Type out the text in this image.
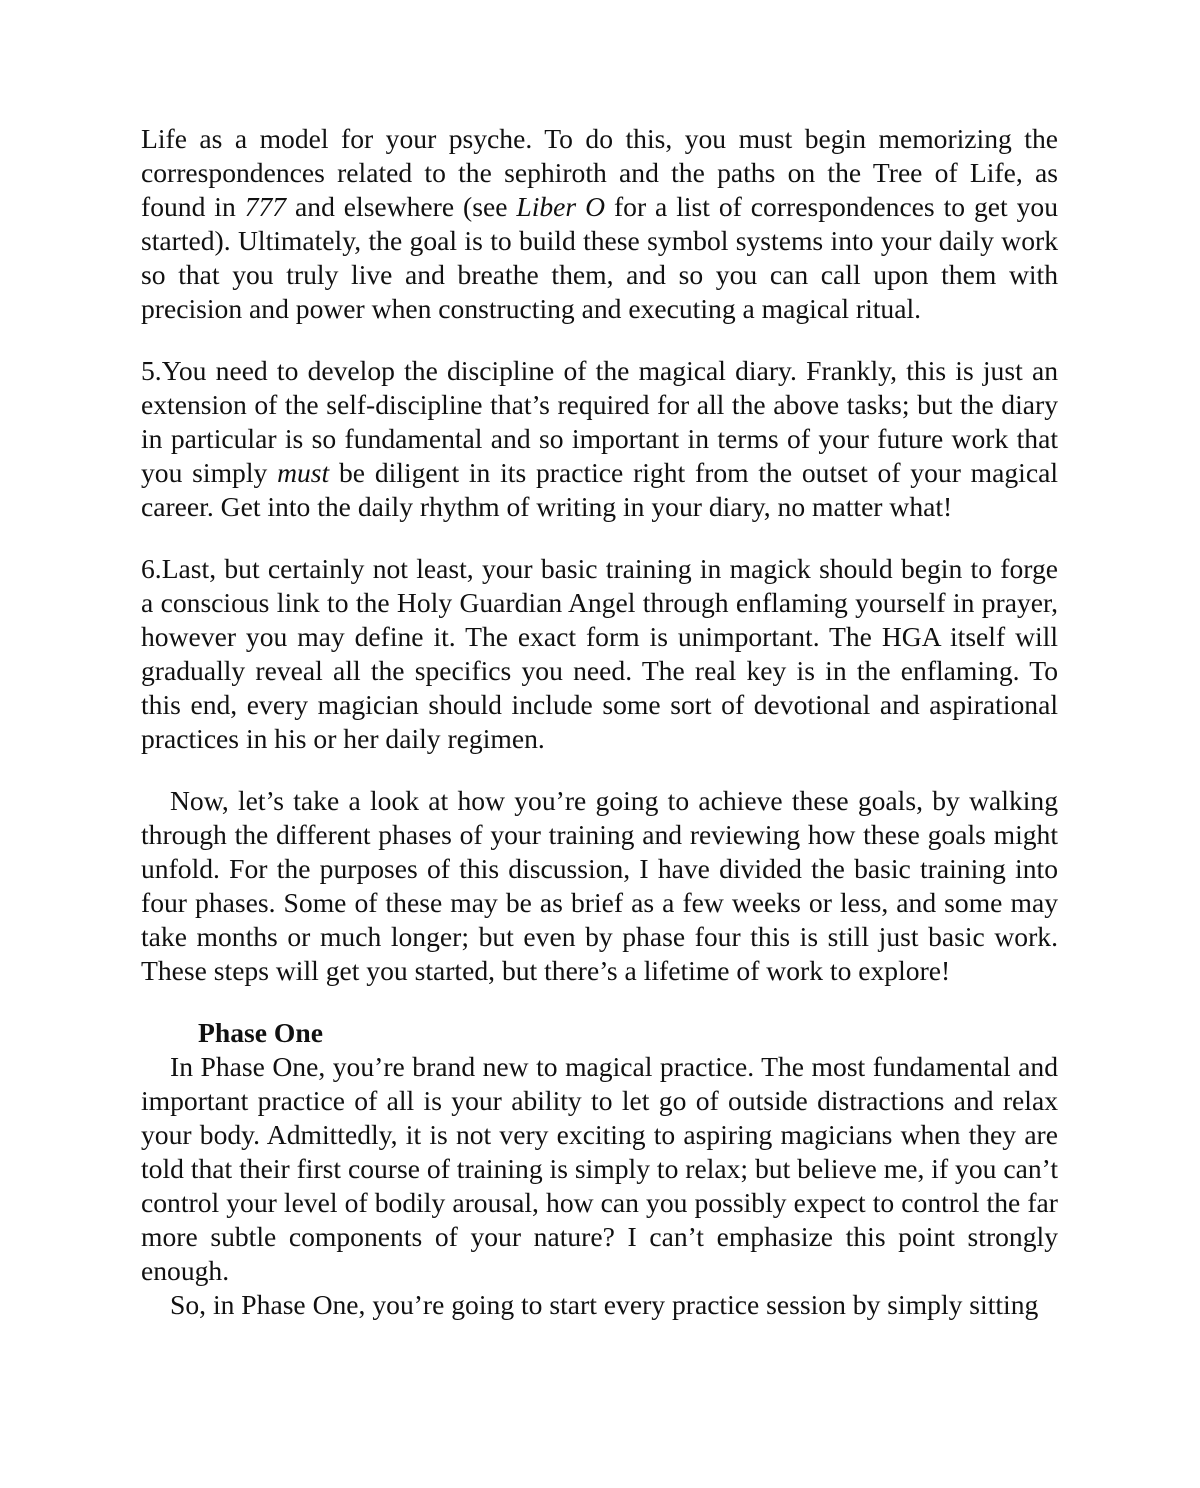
Life as a model for your psyche. To do this, you must begin memorizing the correspondences related to the sephiroth and the paths on the Tree of Life, as found in 777 and elsewhere (see Liber O for a list of correspondences to get you started). Ultimately, the goal is to build these symbol systems into your daily work so that you truly live and breathe them, and so you can call upon them with precision and power when constructing and executing a magical ritual.

5.You need to develop the discipline of the magical diary. Frankly, this is just an extension of the self-discipline that’s required for all the above tasks; but the diary in particular is so fundamental and so important in terms of your future work that you simply must be diligent in its practice right from the outset of your magical career. Get into the daily rhythm of writing in your diary, no matter what!

6.Last, but certainly not least, your basic training in magick should begin to forge a conscious link to the Holy Guardian Angel through enflaming yourself in prayer, however you may define it. The exact form is unimportant. The HGA itself will gradually reveal all the specifics you need. The real key is in the enflaming. To this end, every magician should include some sort of devotional and aspirational practices in his or her daily regimen.

Now, let’s take a look at how you’re going to achieve these goals, by walking through the different phases of your training and reviewing how these goals might unfold. For the purposes of this discussion, I have divided the basic training into four phases. Some of these may be as brief as a few weeks or less, and some may take months or much longer; but even by phase four this is still just basic work. These steps will get you started, but there’s a lifetime of work to explore!

Phase One

In Phase One, you’re brand new to magical practice. The most fundamental and important practice of all is your ability to let go of outside distractions and relax your body. Admittedly, it is not very exciting to aspiring magicians when they are told that their first course of training is simply to relax; but believe me, if you can’t control your level of bodily arousal, how can you possibly expect to control the far more subtle components of your nature? I can’t emphasize this point strongly enough.

So, in Phase One, you’re going to start every practice session by simply sitting
